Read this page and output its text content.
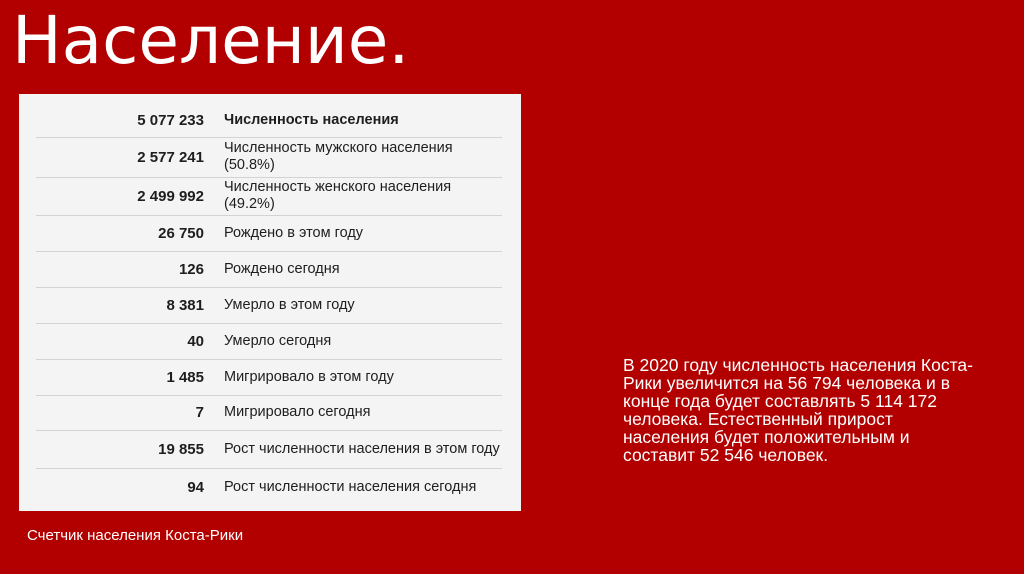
Население.
5 077 233	Численность населения
2 577 241	Численность мужского населения (50.8%)
2 499 992	Численность женского населения (49.2%)
26 750	Рождено в этом году
126	Рождено сегодня
8 381	Умерло в этом году
40	Умерло сегодня
1 485	Мигрировало в этом году
7	Мигрировало сегодня
19 855	Рост численности населения в этом году
94	Рост численности населения сегодня
Счетчик населения Коста-Рики

В 2020 году численность населения Коста-Рики увеличится на 56 794 человека и в конце года будет составлять 5 114 172 человека. Естественный прирост населения будет положительным и составит 52 546 человек.
